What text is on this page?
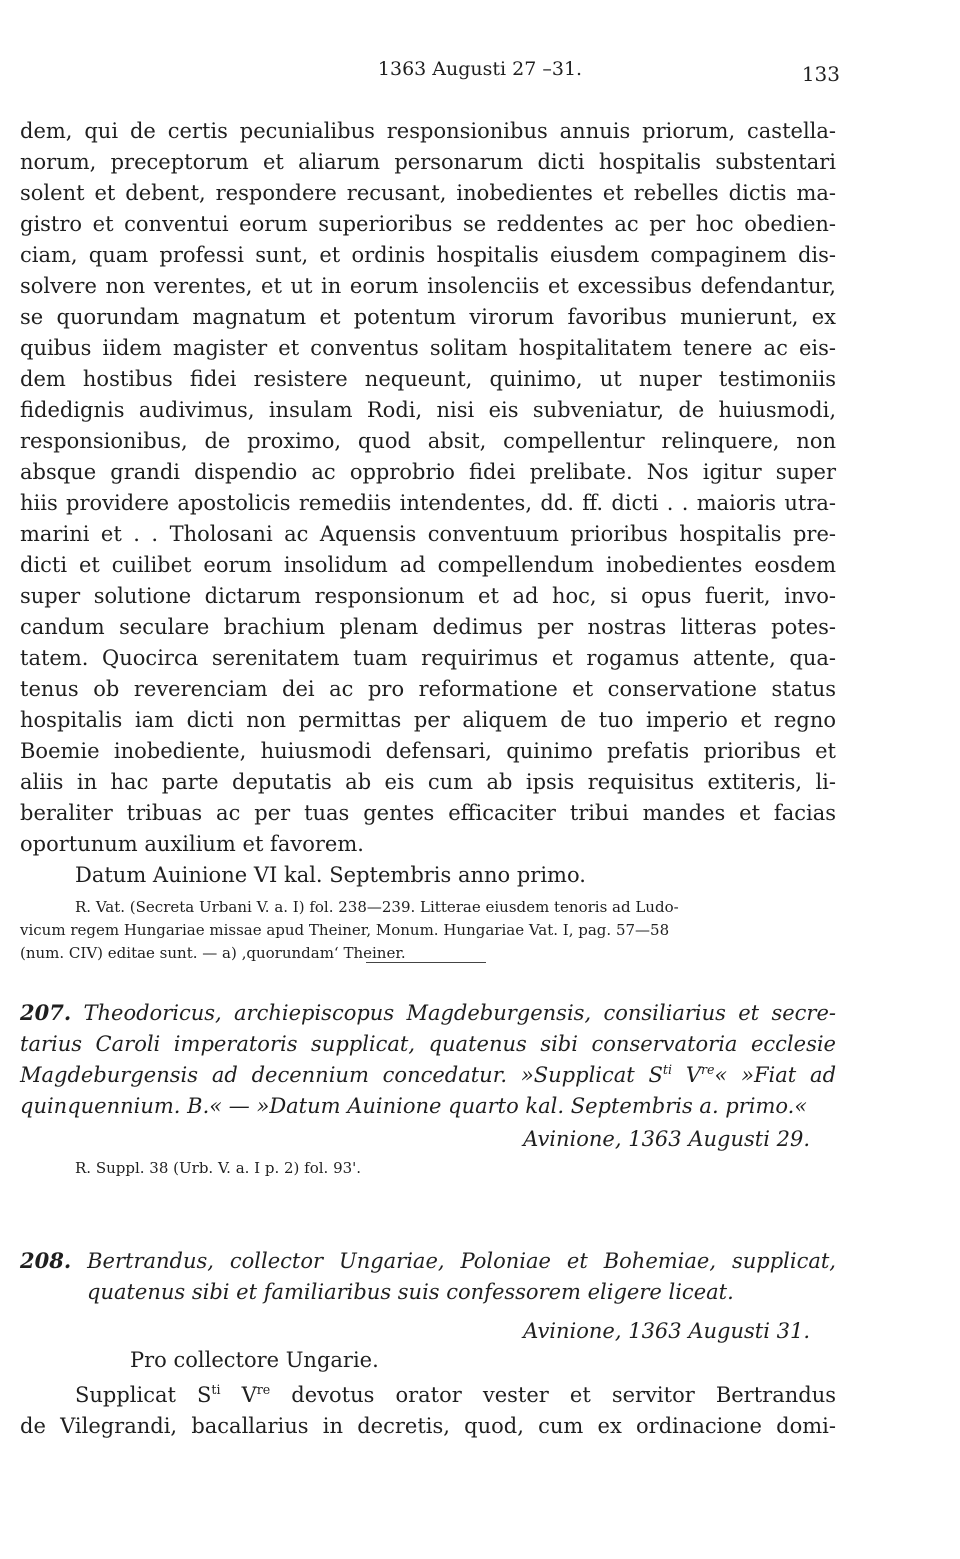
1363 Augusti 27 –31.	133
dem, qui de certis pecunialibus responsionibus annuis priorum, castella-
norum, preceptorum et aliarum personarum dicti hospitalis substentari
solent et debent, respondere recusant, inobedientes et rebelles dictis ma-
gistro et conventui eorum superioribus se reddentes ac per hoc obedien-
ciam, quam professi sunt, et ordinis hospitalis eiusdem compaginem dis-
solvere non verentes, et ut in eorum insolenciis et excessibus defendantur,
se quorundam magnatum et potentum virorum favoribus munierunt, ex
quibus iidem magister et conventus solitam hospitalitatem tenere ac eis-
dem hostibus fidei resistere nequeunt, quinimo, ut nuper testimoniis
fidedignis audivimus, insulam Rodi, nisi eis subveniatur, de huiusmodi,
responsionibus, de proximo, quod absit, compellentur relinquere, non
absque grandi dispendio ac opprobrio fidei prelibate. Nos igitur super
hiis providere apostolicis remediis intendentes, dd. ff. dicti . . maioris utra-
marini et . . Tholosani ac Aquensis conventuum prioribus hospitalis pre-
dicti et cuilibet eorum insolidum ad compellendum inobedientes eosdem
super solutione dictarum responsionum et ad hoc, si opus fuerit, invo-
candum seculare brachium plenam dedimus per nostras litteras potes-
tatem. Quocirca serenitatem tuam requirimus et rogamus attente, qua-
tenus ob reverenciam dei ac pro reformatione et conservatione status
hospitalis iam dicti non permittas per aliquem de tuo imperio et regno
Boemie inobediente, huiusmodi defensari, quinimo prefatis prioribus et
aliis in hac parte deputatis ab eis cum ab ipsis requisitus extiteris, li-
beraliter tribuas ac per tuas gentes efficaciter tribui mandes et facias
oportunum auxilium et favorem.
Datum Auinione VI kal. Septembris anno primo.
R. Vat. (Secreta Urbani V. a. I) fol. 238—239. Litterae eiusdem tenoris ad Ludo-
vicum regem Hungariae missae apud Theiner, Monum. Hungariae Vat. I, pag. 57—58
(num. CIV) editae sunt. — a) ‚quorundam‘ Theiner.
207. Theodoricus, archiepiscopus Magdeburgensis, consiliarius et secre-
tarius Caroli imperatoris supplicat, quatenus sibi conservatoria ecclesie
Magdeburgensis ad decennium concedatur. »Supplicat $S^{ti}$ Vre« »Fiat ad
quinquennium. B.« — »Datum Auinione quarto kal. Septembris a. primo.«
Avinione, 1363 Augusti 29.
R. Suppl. 38 (Urb. V. a. I p. 2) fol. 93'.
208. Bertrandus, collector Ungariae, Poloniae et Bohemiae, supplicat,
quatenus sibi et familiaribus suis confessorem eligere liceat.
Avinione, 1363 Augusti 31.
Pro collectore Ungarie.
Supplicat $S^{ti}$ Vre devotus orator vester et servitor Bertrandus
de Vilegrandi, bacallarius in decretis, quod, cum ex ordinacione domi-
